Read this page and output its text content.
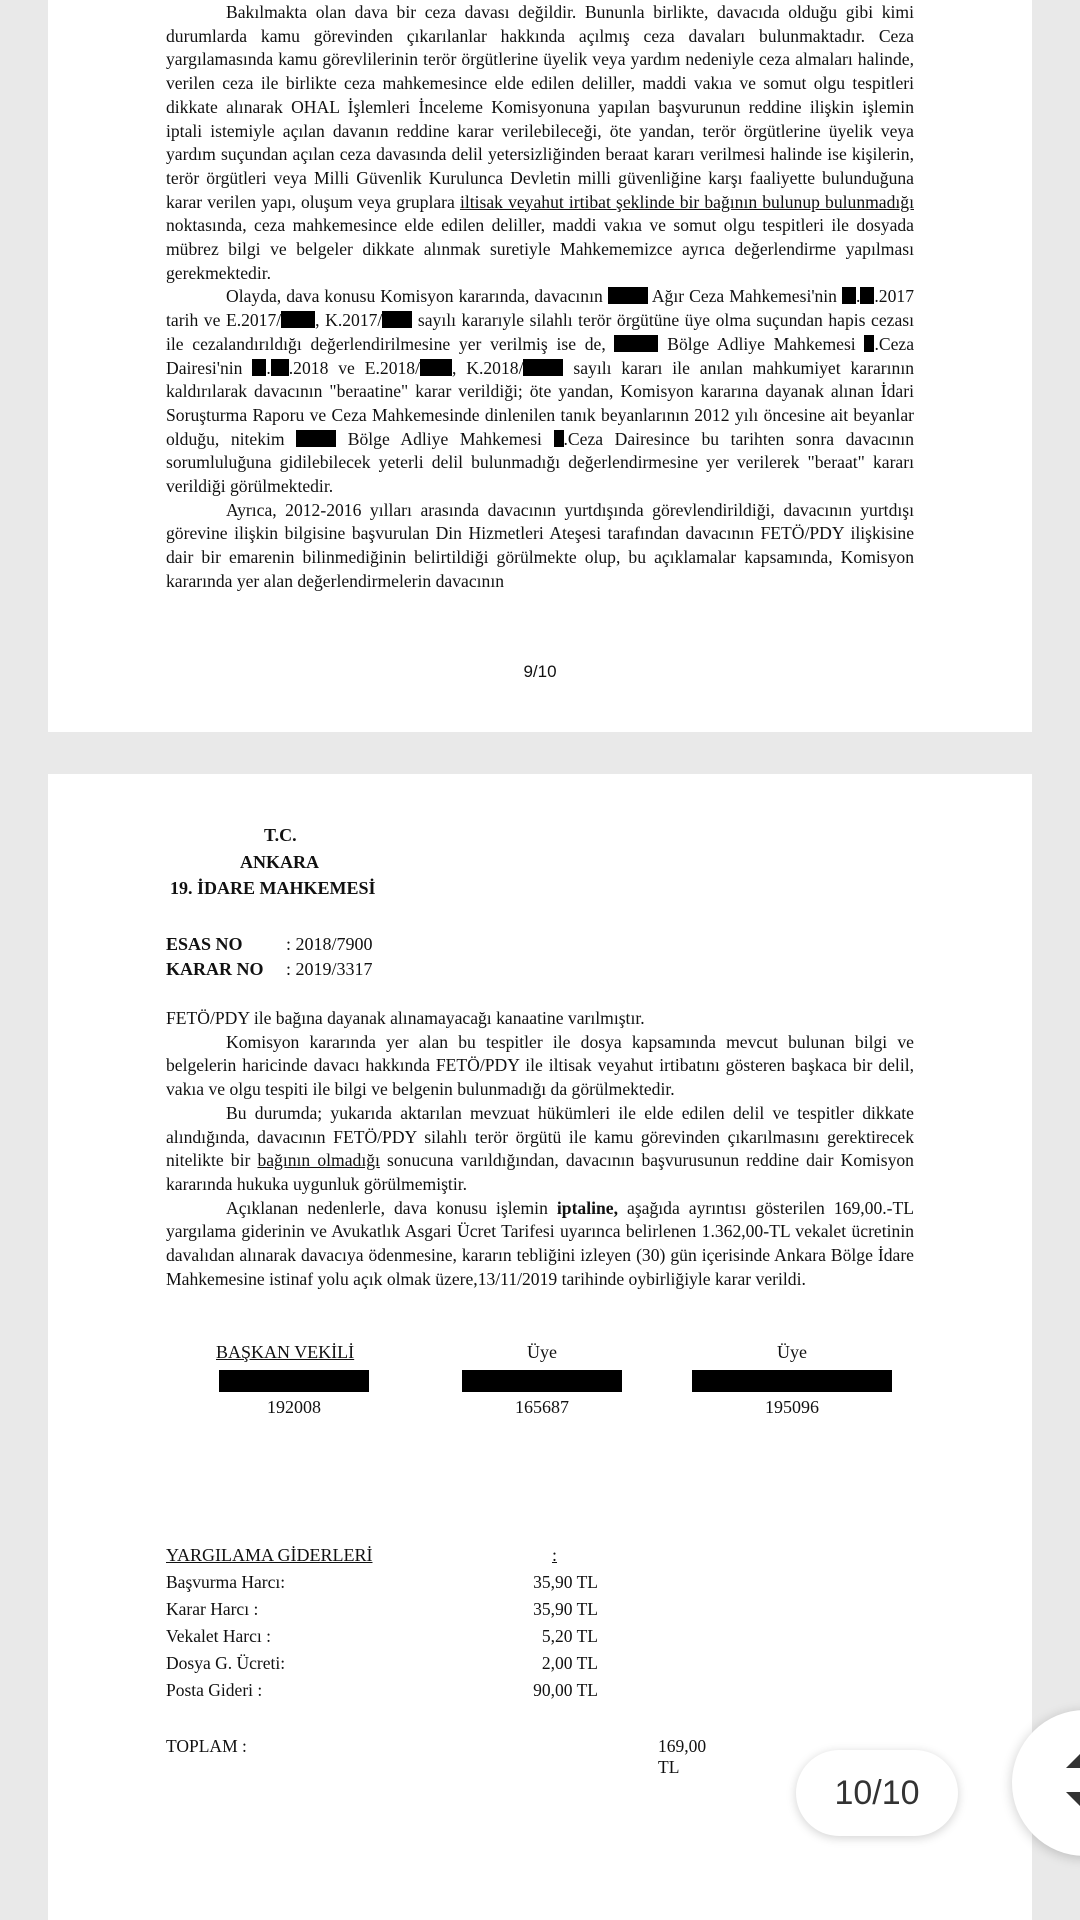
Bakılmakta olan dava bir ceza davası değildir. Bununla birlikte, davacıda olduğu gibi kimi durumlarda kamu görevinden çıkarılanlar hakkında açılmış ceza davaları bulunmaktadır. Ceza yargılamasında kamu görevlilerinin terör örgütlerine üyelik veya yardım nedeniyle ceza almaları halinde, verilen ceza ile birlikte ceza mahkemesince elde edilen deliller, maddi vakıa ve somut olgu tespitleri dikkate alınarak OHAL İşlemleri İnceleme Komisyonuna yapılan başvurunun reddine ilişkin işlemin iptali istemiyle açılan davanın reddine karar verilebileceği, öte yandan, terör örgütlerine üyelik veya yardım suçundan açılan ceza davasında delil yetersizliğinden beraat kararı verilmesi halinde ise kişilerin, terör örgütleri veya Milli Güvenlik Kurulunca Devletin milli güvenliğine karşı faaliyette bulunduğuna karar verilen yapı, oluşum veya gruplara iltisak veyahut irtibat şeklinde bir bağının bulunup bulunmadığı noktasında, ceza mahkemesince elde edilen deliller, maddi vakıa ve somut olgu tespitleri ile dosyada mübrez bilgi ve belgeler dikkate alınmak suretiyle Mahkememizce ayrıca değerlendirme yapılması gerekmektedir.

Olayda, dava konusu Komisyon kararında, davacının	Ağır Ceza Mahkemesi'nin . .2017 tarih ve E.2017/ , K.2017/ sayılı kararıyle silahlı terör örgütüne üye olma suçundan hapis cezası ile cezalandırıldığı değerlendirilmesine yer verilmiş ise de,	Bölge Adliye Mahkemesi .Ceza Dairesi'nin . .2018 ve E.2018/ , K.2018/	sayılı kararı ile anılan mahkumiyet kararının kaldırılarak davacının "beraatine" karar verildiği; öte yandan, Komisyon kararına dayanak alınan İdari Soruşturma Raporu ve Ceza Mahkemesinde dinlenilen tanık beyanlarının 2012 yılı öncesine ait beyanlar olduğu, nitekim	Bölge Adliye Mahkemesi .Ceza Dairesince bu tarihten sonra davacının sorumluluğuna gidilebilecek yeterli delil bulunmadığı değerlendirmesine yer verilerek "beraat" kararı verildiği görülmektedir.

Ayrıca, 2012-2016 yılları arasında davacının yurtdışında görevlendirildiği, davacının yurtdışı görevine ilişkin bilgisine başvurulan Din Hizmetleri Ateşesi tarafından davacının FETÖ/PDY ilişkisine dair bir emarenin bilinmediğinin belirtildiği görülmekte olup, bu açıklamalar kapsamında, Komisyon kararında yer alan değerlendirmelerin davacının

9/10
T.C.
ANKARA
19. İDARE MAHKEMESİ
ESAS NO : 2018/7900
KARAR NO : 2019/3317

FETÖ/PDY ile bağına dayanak alınamayacağı kanaatine varılmıştır.

Komisyon kararında yer alan bu tespitler ile dosya kapsamında mevcut bulunan bilgi ve belgelerin haricinde davacı hakkında FETÖ/PDY ile iltisak veyahut irtibatını gösteren başkaca bir delil, vakıa ve olgu tespiti ile bilgi ve belgenin bulunmadığı da görülmektedir.

Bu durumda; yukarıda aktarılan mevzuat hükümleri ile elde edilen delil ve tespitler dikkate alındığında, davacının FETÖ/PDY silahlı terör örgütü ile kamu görevinden çıkarılmasını gerektirecek nitelikte bir bağının olmadığı sonucuna varıldığından, davacının başvurusunun reddine dair Komisyon kararında hukuka uygunluk görülmemiştir.

Açıklanan nedenlerle, dava konusu işlemin iptaline, aşağıda ayrıntısı gösterilen 169,00.-TL yargılama giderinin ve Avukatlık Asgari Ücret Tarifesi uyarınca belirlenen 1.362,00-TL vekalet ücretinin davalıdan alınarak davacıya ödenmesine, kararın tebliğini izleyen (30) gün içerisinde Ankara Bölge İdare Mahkemesine istinaf yolu açık olmak üzere,13/11/2019 tarihinde oybirliğiyle karar verildi.

BAŞKAN VEKİLİ
192008
Üye
165687
Üye
195096
YARGILAMA GİDERLERİ	:
Başvurma Harcı:	35,90 TL
Karar Harcı :	35,90 TL
Vekalet Harcı :	5,20 TL
Dosya G. Ücreti:	2,00 TL
Posta Gideri :	90,00 TL
TOPLAM :	169,00 TL
10/10
